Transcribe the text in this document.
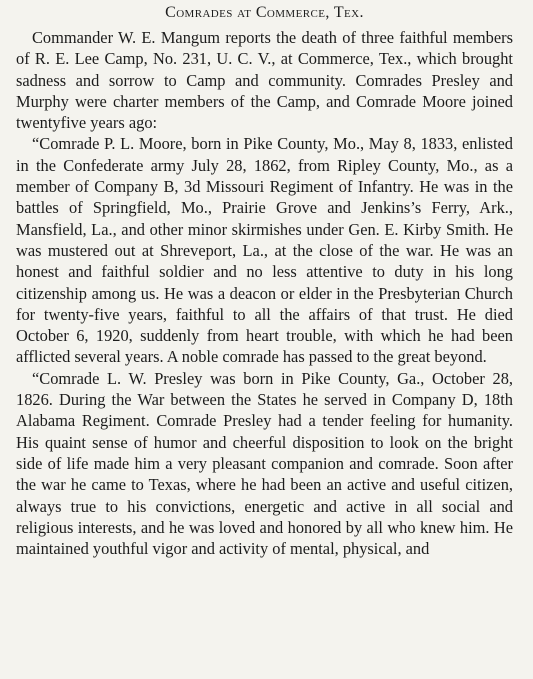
Comrades at Commerce, Tex.

Commander W. E. Mangum reports the death of three faithful members of R. E. Lee Camp, No. 231, U. C. V., at Commerce, Tex., which brought sadness and sorrow to Camp and community. Comrades Presley and Murphy were charter members of the Camp, and Comrade Moore joined twentyfive years ago:

“Comrade P. L. Moore, born in Pike County, Mo., May 8, 1833, enlisted in the Confederate army July 28, 1862, from Ripley County, Mo., as a member of Company B, 3d Missouri Regiment of Infantry. He was in the battles of Springfield, Mo., Prairie Grove and Jenkins’s Ferry, Ark., Mansfield, La., and other minor skirmishes under Gen. E. Kirby Smith. He was mustered out at Shreveport, La., at the close of the war. He was an honest and faithful soldier and no less attentive to duty in his long citizenship among us. He was a deacon or elder in the Presbyterian Church for twenty-five years, faithful to all the affairs of that trust. He died October 6, 1920, suddenly from heart trouble, with which he had been afflicted several years. A noble comrade has passed to the great beyond.

“Comrade L. W. Presley was born in Pike County, Ga., October 28, 1826. During the War between the States he served in Company D, 18th Alabama Regiment. Comrade Presley had a tender feeling for humanity. His quaint sense of humor and cheerful disposition to look on the bright side of life made him a very pleasant companion and comrade. Soon after the war he came to Texas, where he had been an active and useful citizen, always true to his convictions, energetic and active in all social and religious interests, and he was loved and honored by all who knew him. He maintained youthful vigor and activity of mental, physical, and
